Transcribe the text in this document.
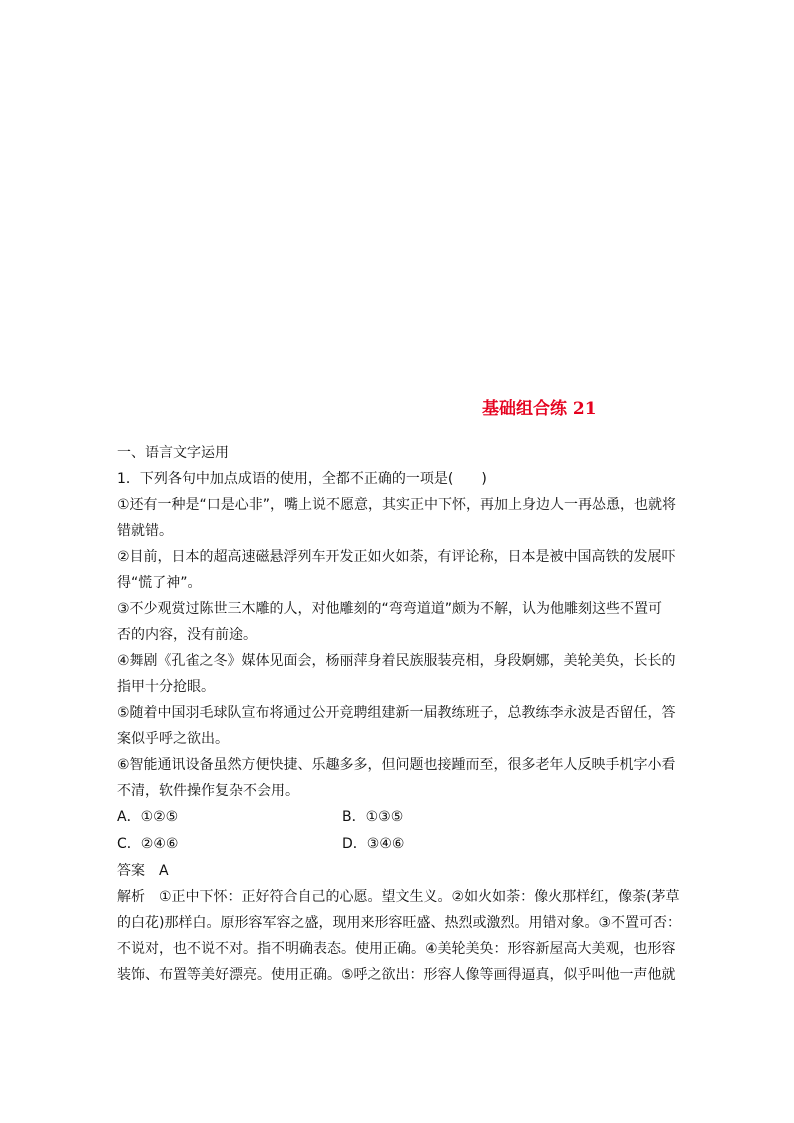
基础组合练 21
一、语言文字运用
1．下列各句中加点成语的使用，全都不正确的一项是(　　)
①还有一种是“口是心非”，嘴上说不愿意，其实正中下怀，再加上身边人一再怂恿，也就将
错就错。
②目前，日本的超高速磁悬浮列车开发正如火如荼，有评论称，日本是被中国高铁的发展吓
得“慌了神”。
③不少观赏过陈世三木雕的人，对他雕刻的“弯弯道道”颇为不解，认为他雕刻这些不置可
否的内容，没有前途。
④舞剧《孔雀之冬》媒体见面会，杨丽萍身着民族服装亮相，身段婀娜，美轮美奂，长长的
指甲十分抢眼。
⑤随着中国羽毛球队宣布将通过公开竞聘组建新一届教练班子，总教练李永波是否留任，答
案似乎呼之欲出。
⑥智能通讯设备虽然方便快捷、乐趣多多，但问题也接踵而至，很多老年人反映手机字小看
不清，软件操作复杂不会用。
A．①②⑤	B．①③⑤
C．②④⑥	D．③④⑥
答案 A
解析 ①正中下怀：正好符合自己的心愿。望文生义。②如火如荼：像火那样红，像荼(茅草
的白花)那样白。原形容军容之盛，现用来形容旺盛、热烈或激烈。用错对象。③不置可否：
不说对，也不说不对。指不明确表态。使用正确。④美轮美奂：形容新屋高大美观，也形容
装饰、布置等美好漂亮。使用正确。⑤呼之欲出：形容人像等画得逼真，似乎叫他一声他就
